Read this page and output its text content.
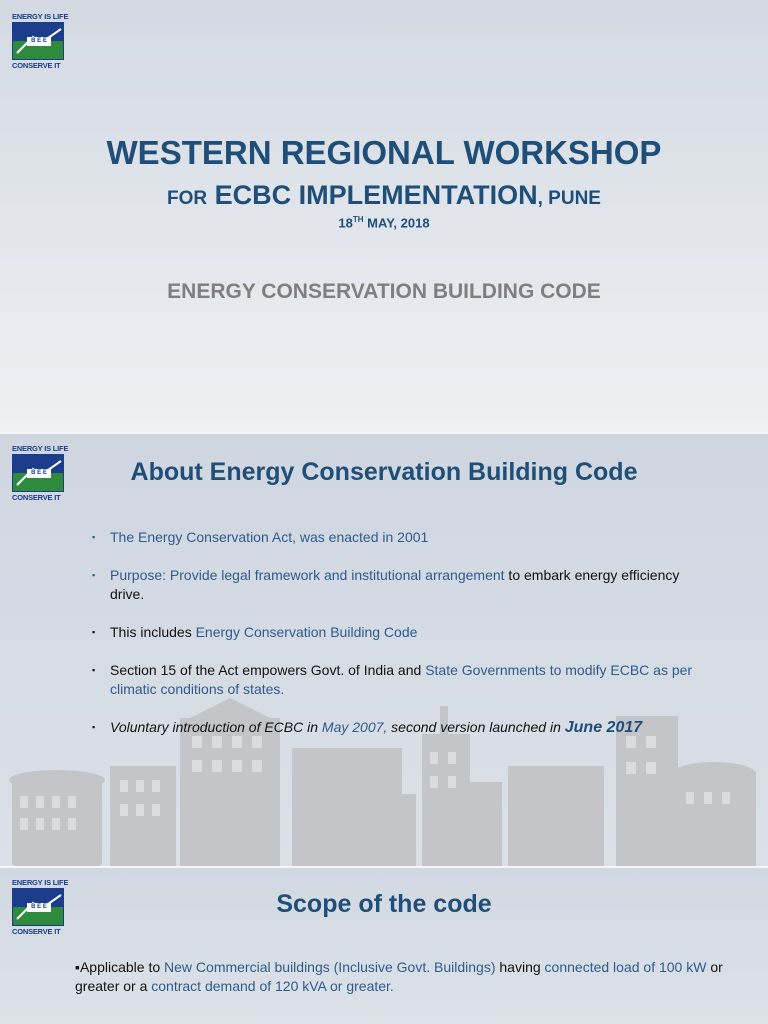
ENERGY IS LIFE
B E E
CONSERVE IT
WESTERN REGIONAL WORKSHOP
FOR ECBC IMPLEMENTATION, PUNE
18TH MAY, 2018
ENERGY CONSERVATION BUILDING CODE
ENERGY IS LIFE
B E E
CONSERVE IT
About Energy Conservation Building Code
▪ The Energy Conservation Act, was enacted in 2001
▪ Purpose: Provide legal framework and institutional arrangement to embark energy efficiency drive.
▪ This includes Energy Conservation Building Code
▪ Section 15 of the Act empowers Govt. of India and State Governments to modify ECBC as per climatic conditions of states.
▪ Voluntary introduction of ECBC in May 2007, second version launched in June 2017
ENERGY IS LIFE
B E E
CONSERVE IT
Scope of the code
▪Applicable to New Commercial buildings (Inclusive Govt. Buildings) having connected load of 100 kW or greater or a contract demand of 120 kVA or greater.
